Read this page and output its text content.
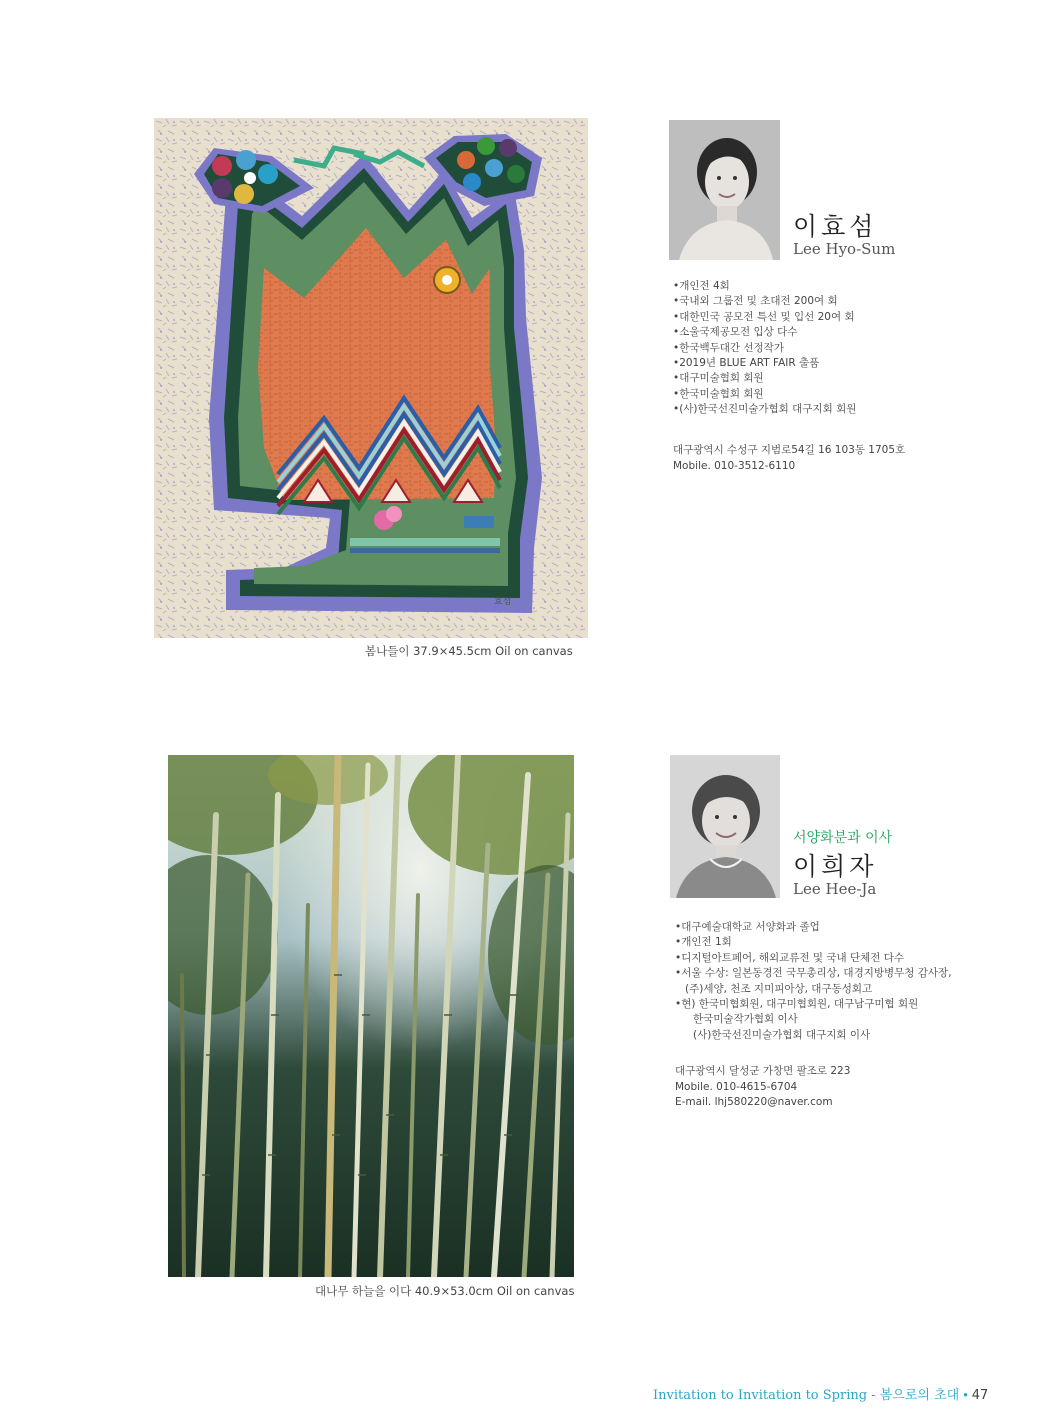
효섬
봄나들이 37.9×45.5cm Oil on canvas
이효섬
Lee Hyo-Sum
•개인전 4회
•국내외 그룹전 및 초대전 200여 회
•대한민국 공모전 특선 및 입선 20여 회
•소울국제공모전 입상 다수
•한국백두대간 선정작가
•2019년 BLUE ART FAIR 출품
•대구미술협회 회원
•한국미술협회 회원
•(사)한국선진미술가협회 대구지회 회원
대구광역시 수성구 지범로54길 16 103동 1705호
Mobile. 010-3512-6110
대나무 하늘을 이다 40.9×53.0cm Oil on canvas
서양화분과 이사
이희자
Lee Hee-Ja
•대구예술대학교 서양화과 졸업
•개인전 1회
•디지털아트페어, 해외교류전 및 국내 단체전 다수
•서울 수상: 일본동경전 국무총리상, 대경지방병무청 감사장,
(주)세양, 천조 지미피아상, 대구동성회고
•현) 한국미협회원, 대구미협회원, 대구남구미협 회원
한국미술작가협회 이사
(사)한국선진미술가협회 대구지회 이사
대구광역시 달성군 가창면 팔조로 223
Mobile. 010-4615-6704
E-mail. lhj580220@naver.com
Invitation to Invitation to Spring - 봄으로의 초대 • 47
